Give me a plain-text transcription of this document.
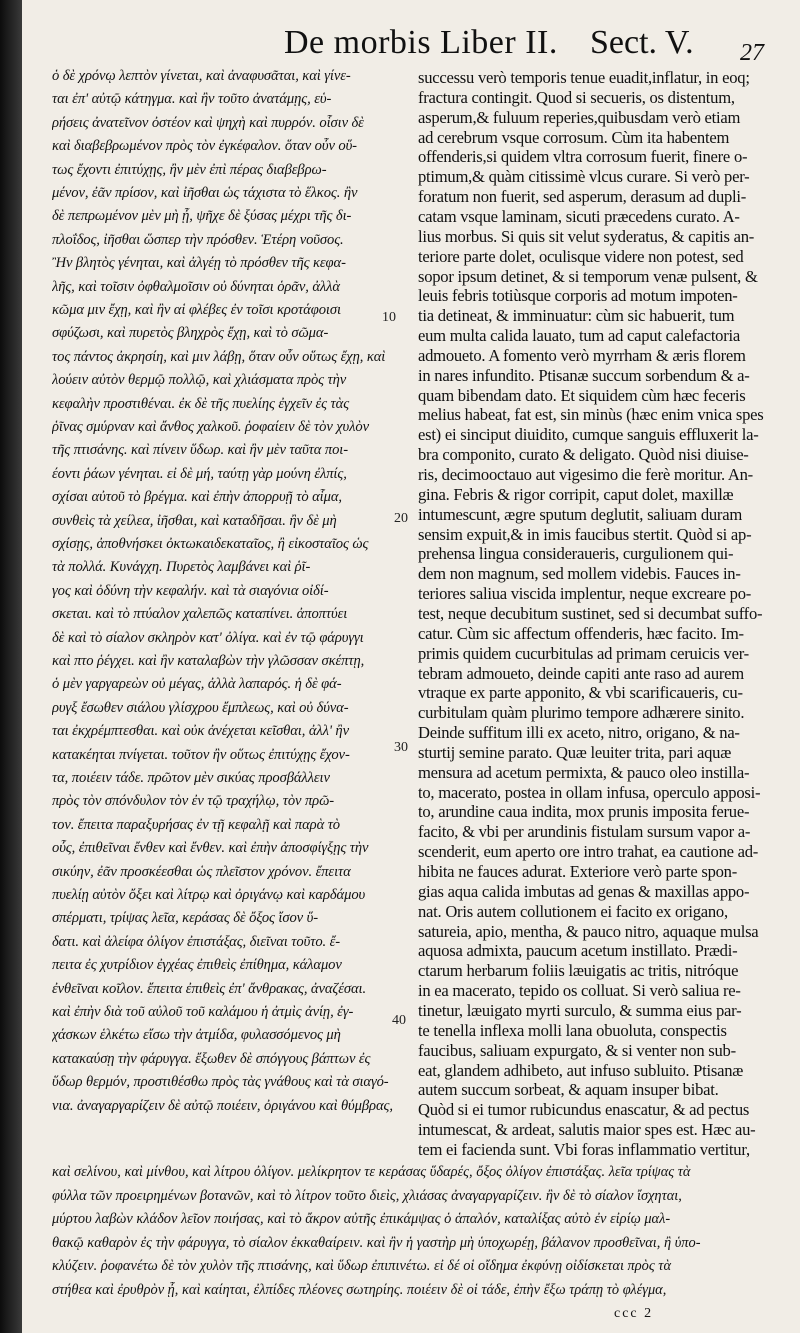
De morbis Liber II. Sect. V. 27
ὁ δὲ χρόνῳ λεπτὸν γίνεται, καὶ ἀναφυσᾶται, καὶ γίνε-
ται ἐπ' αὐτῷ κάτηγμα. καὶ ἢν τοῦτο ἀνατάμῃς, εὑ-
ρήσεις ἀνατεῖνον ὀστέον καὶ ψηχὴ καὶ πυρρόν. οἷσιν δὲ
καὶ διαβεβρωμένον πρὸς τὸν ἐγκέφαλον. ὅταν οὖν οὕ-
τως ἔχοντι ἐπιτύχῃς, ἢν μὲν ἐπὶ πέρας διαβεβρω-
μένον, ἐᾶν πρίσον, καὶ ἰῆσθαι ὡς τάχιστα τὸ ἕλκος. ἢν
δὲ πεπρωμένον μὲν μὴ ᾖ, ψῆχε δὲ ξύσας μέχρι τῆς δι-
πλοΐδος, ἰῆσθαι ὥσπερ τὴν πρόσθεν. Ἑτέρη νοῦσος.
Ἢν βλητὸς γένηται, καὶ ἀλγέῃ τὸ πρόσθεν τῆς κεφα-
λῆς, καὶ τοῖσιν ὀφθαλμοῖσιν οὐ δύνηται ὁρᾶν, ἀλλὰ
κῶμα μιν ἔχῃ, καὶ ἢν αἱ φλέβες ἐν τοῖσι κροτάφοισι
σφύζωσι, καὶ πυρετὸς βληχρὸς ἔχῃ, καὶ τὸ σῶμα-
τος πάντος ἀκρησίη, καὶ μιν λάβῃ, ὅταν οὖν οὕτως ἔχῃ, καὶ
λούειν αὐτὸν θερμῷ πολλῷ, καὶ χλιάσματα πρὸς τὴν
κεφαλὴν προστιθέναι. ἐκ δὲ τῆς πυελίης ἐγχεῖν ἐς τὰς
ῥῖνας σμύρναν καὶ ἄνθος χαλκοῦ. ῥοφαίειν δὲ τὸν χυλὸν
τῆς πτισάνης. καὶ πίνειν ὕδωρ. καὶ ἢν μὲν ταῦτα ποι-
έοντι ῥάων γένηται. εἰ δὲ μή, ταύτῃ γὰρ μούνη ἐλπίς,
σχίσαι αὐτοῦ τὸ βρέγμα. καὶ ἐπὴν ἀπορρυῇ τὸ αἷμα,
συνθεὶς τὰ χείλεα, ἰῆσθαι, καὶ καταδῆσαι. ἢν δὲ μὴ
σχίσῃς, ἀποθνήσκει ὀκτωκαιδεκαταῖος, ἢ εἰκοσταῖος ὡς
τὰ πολλά. Κυνάγχη. Πυρετὸς λαμβάνει καὶ ῥῖ-
γος καὶ ὀδύνη τὴν κεφαλήν. καὶ τὰ σιαγόνια οἰδί-
σκεται. καὶ τὸ πτύαλον χαλεπῶς καταπίνει. ἀποπτύει
δὲ καὶ τὸ σίαλον σκληρὸν κατ' ὀλίγα. καὶ ἐν τῷ φάρυγγι
καὶ πτο ῥέγχει. καὶ ἢν καταλαβὼν τὴν γλῶσσαν σκέπτῃ,
ὁ μὲν γαργαρεὼν οὐ μέγας, ἀλλὰ λαπαρός. ἡ δὲ φά-
ρυγξ ἔσωθεν σιάλου γλίσχρου ἔμπλεως, καὶ οὐ δύνα-
ται ἐκχρέμπτεσθαι. καὶ οὐκ ἀνέχεται κεῖσθαι, ἀλλ' ἢν
κατακέηται πνίγεται. τοῦτον ἢν οὕτως ἐπιτύχῃς ἔχον-
τα, ποιέειν τάδε. πρῶτον μὲν σικύας προσβάλλειν
πρὸς τὸν σπόνδυλον τὸν ἐν τῷ τραχήλῳ, τὸν πρῶ-
τον. ἔπειτα παραξυρήσας ἐν τῇ κεφαλῇ καὶ παρὰ τὸ
οὖς, ἐπιθεῖναι ἔνθεν καὶ ἔνθεν. καὶ ἐπὴν ἀποσφίγξῃς τὴν
σικύην, ἐᾶν προσκέεσθαι ὡς πλεῖστον χρόνον. ἔπειτα
πυελίῃ αὐτὸν ὄξει καὶ λίτρῳ καὶ ὀριγάνῳ καὶ καρδάμου
σπέρματι, τρίψας λεῖα, κεράσας δὲ ὄξος ἴσον ὕ-
δατι. καὶ ἀλείφα ὀλίγον ἐπιστάξας, διεῖναι τοῦτο. ἔ-
πειτα ἐς χυτρίδιον ἐγχέας ἐπιθεὶς ἐπίθημα, κάλαμον
ἐνθεῖναι κοῖλον. ἔπειτα ἐπιθεὶς ἐπ' ἄνθρακας, ἀναζέσαι.
καὶ ἐπὴν διὰ τοῦ αὐλοῦ τοῦ καλάμου ἡ ἀτμὶς ἀνίῃ, ἐγ-
χάσκων ἑλκέτω εἴσω τὴν ἀτμίδα, φυλασσόμενος μὴ
κατακαύσῃ τὴν φάρυγγα. ἔξωθεν δὲ σπόγγους βάπτων ἐς
ὕδωρ θερμόν, προστιθέσθω πρὸς τὰς γνάθους καὶ τὰ σιαγό-
νια. ἀναγαργαρίζειν δὲ αὐτῷ ποιέειν, ὀριγάνου καὶ θύμβρας,
successu verò temporis tenue euadit,inflatur, in eoq;
fractura contingit. Quod si secueris, os distentum,
asperum,& fuluum reperies,quibusdam verò etiam
ad cerebrum vsque corrosum. Cùm ita habentem
offenderis,si quidem vltra corrosum fuerit, finere o-
ptimum,& quàm citissimè vlcus curare. Si verò per-
foratum non fuerit, sed asperum, derasum ad dupli-
catam vsque laminam, sicuti præcedens curato. A-
lius morbus. Si quis sit velut syderatus, & capitis an-
teriore parte dolet, oculisque videre non potest, sed
sopor ipsum detinet, & si temporum venæ pulsent, &
leuis febris totiùsque corporis ad motum impoten-
tia detineat, & imminuatur: cùm sic habuerit, tum
eum multa calida lauato, tum ad caput calefactoria
admoueto. A fomento verò myrrham & æris florem
in nares infundito. Ptisanæ succum sorbendum & a-
quam bibendam dato. Et siquidem cùm hæc feceris
melius habeat, fat est, sin minùs (hæc enim vnica spes
est) ei sinciput diuidito, cumque sanguis effluxerit la-
bra componito, curato & deligato. Quòd nisi diuise-
ris, decimooctauo aut vigesimo die ferè moritur. An-
gina. Febris & rigor corripit, caput dolet, maxillæ
intumescunt, ægre sputum deglutit, saliuam duram
sensim expuit,& in imis faucibus stertit. Quòd si ap-
prehensa lingua consideraueris, curgulionem qui-
dem non magnum, sed mollem videbis. Fauces in-
teriores saliua viscida implentur, neque excreare po-
test, neque decubitum sustinet, sed si decumbat suffo-
catur. Cùm sic affectum offenderis, hæc facito. Im-
primis quidem cucurbitulas ad primam ceruicis ver-
tebram admoueto, deinde capiti ante raso ad aurem
vtraque ex parte apponito, & vbi scarificaueris, cu-
curbitulam quàm plurimo tempore adhærere sinito.
Deinde suffitum illi ex aceto, nitro, origano, & na-
sturtij semine parato. Quæ leuiter trita, pari aquæ
mensura ad acetum permixta, & pauco oleo instilla-
to, macerato, postea in ollam infusa, operculo apposi-
to, arundine caua indita, mox prunis imposita ferue-
facito, & vbi per arundinis fistulam sursum vapor a-
scenderit, eum aperto ore intro trahat, ea cautione ad-
hibita ne fauces adurat. Exteriore verò parte spon-
gias aqua calida imbutas ad genas & maxillas appo-
nat. Oris autem collutionem ei facito ex origano,
satureia, apio, mentha, & pauco nitro, aquaque mulsa
aquosa admixta, paucum acetum instillato. Prædi-
ctarum herbarum foliis læuigatis ac tritis, nitróque
in ea macerato, tepido os colluat. Si verò saliua re-
tinetur, læuigato myrti surculo, & summa eius par-
te tenella inflexa molli lana obuoluta, conspectis
faucibus, saliuam expurgato, & si venter non sub-
eat, glandem adhibeto, aut infuso subluito. Ptisanæ
autem succum sorbeat, & aquam insuper bibat.
Quòd si ei tumor rubicundus enascatur, & ad pectus
intumescat, & ardeat, salutis maior spes est. Hæc au-
tem ei facienda sunt. Vbi foras inflammatio vertitur,
10
20
30
40
καὶ σελίνου, καὶ μίνθου, καὶ λίτρου ὀλίγον. μελίκρητον τε κεράσας ὕδαρές, ὄξος ὀλίγον ἐπιστάξας. λεῖα τρίψας τὰ
φύλλα τῶν προειρημένων βοτανῶν, καὶ τὸ λίτρον τοῦτο διεὶς, χλιάσας ἀναγαργαρίζειν. ἢν δὲ τὸ σίαλον ἴσχηται,
μύρτου λαβὼν κλάδον λεῖον ποιήσας, καὶ τὸ ἄκρον αὐτῆς ἐπικάμψας ὁ ἁπαλόν, καταλίξας αὐτὸ ἐν εἰρίῳ μαλ-
θακῷ καθαρὸν ἐς τὴν φάρυγγα, τὸ σίαλον ἐκκαθαίρειν. καὶ ἢν ἡ γαστὴρ μὴ ὑποχωρέῃ, βάλανον προσθεῖναι, ἢ ὑπο-
κλύζειν. ῥοφανέτω δὲ τὸν χυλὸν τῆς πτισάνης, καὶ ὕδωρ ἐπιπινέτω. εἰ δέ οἱ οἴδημα ἐκφύνῃ οἰδίσκεται πρὸς τὰ
στήθεα καὶ ἐρυθρὸν ᾖ, καὶ καίηται, ἐλπίδες πλέονες σωτηρίης. ποιέειν δὲ οἱ τάδε, ἐπὴν ἔξω τράπῃ τὸ φλέγμα,
ccc 2
